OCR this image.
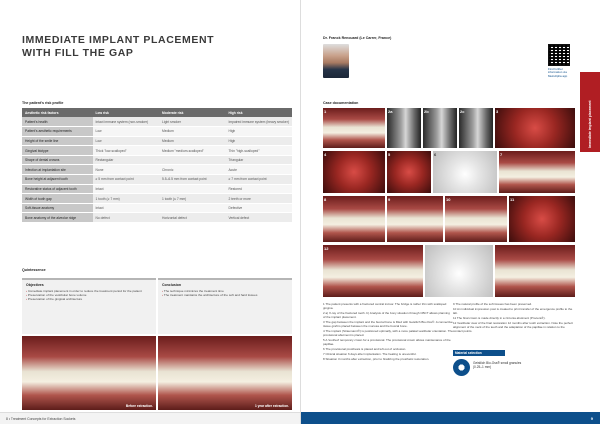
IMMEDIATE IMPLANT PLACEMENT
WITH FILL THE GAP
The patient's risk profile
Aesthetic risk factors	Low risk	Moderate risk	High risk
Patient's health	Intact immune system (non-smoker)	Light smoker	Impaired immune system (heavy smoker)
Patient's aesthetic requirements	Low	Medium	High
Height of the smile line	Low	Medium	High
Gingival biotype	Thick "low-scalloped"	Medium "medium-scalloped"	Thin "high-scalloped"
Shape of dental crowns	Rectangular		Triangular
Infection at implantation site	None	Chronic	Acute
Bone height at adjacent tooth	≥ 5 mm from contact point	5.5–6.5 mm from contact point	≥ 7 mm from contact point
Restorative status of adjacent tooth	Intact		Restored
Width of tooth gap	1 tooth (≥ 7 mm)	1 tooth (≤ 7 mm)	2 teeth or more
Soft-tissue anatomy	Intact		Defective
Bone anatomy of the alveolar ridge	No defect	Horizontal defect	Vertical defect
Quintessence
Objectives
› Immediate implant placement in order to reduce the treatment period for the patient
› Preservation of the vestibular bone volume
› Preservation of the gingival architecture
Conclusion
› The technique minimizes the treatment time
› The treatment maintains the architecture of the soft and hard tissues
Before extraction.	1 year after extraction.
8 • Treatment Concepts for Extraction Sockets
Dr. Franck Renouard (Le Carrer, France)
Find further information via MeinAlpha app
Immediate implant placement
Case documentation
1	2a	2b	2c	3
4	5	6	7
8	9	10	11
12
1 The patient presents with a fractured central incisor. The bridge is rather thin with scalloped gingiva.
2 a) X-ray of the fractured tooth. b) Analysis of the bony situation through CBCT allows planning of the implant placement.
3 The gap between the implant and the buccal bone is filled with Geistlich Bio-Oss®. A connective tissue graft is placed between the mucosa and the buccal bone.
4 The implant (Straumann®) is positioned optimally, with a more palatal vestibular orientation. The provisional abutment is placed.
5 A 'toothed' temporary crown for a provisional. The provisional crown allows maintenance of the papillae.
6 The provisional prosthesis is placed and left out of occlusion.
7 Clinical situation 6 days after implantation. The healing is uneventful.
8 Situation 3 months after extraction, prior to finalizing the prosthetic restoration.
9 The natural profile of the soft tissues has been preserved.
10 An individual impression post is created to print transfer of the emergence profile to the lab.
11 The final crown is made directly in a zirconia abutment (Procera®).
12 Vestibular view of the final restoration 12 months after tooth extraction. Note the perfect alignment of the neck of the teeth and the adaptation of the papillae in relation to the contact points.
Material selection
Geistlich Bio-Oss® small granules
(0.25–1 mm)
9
